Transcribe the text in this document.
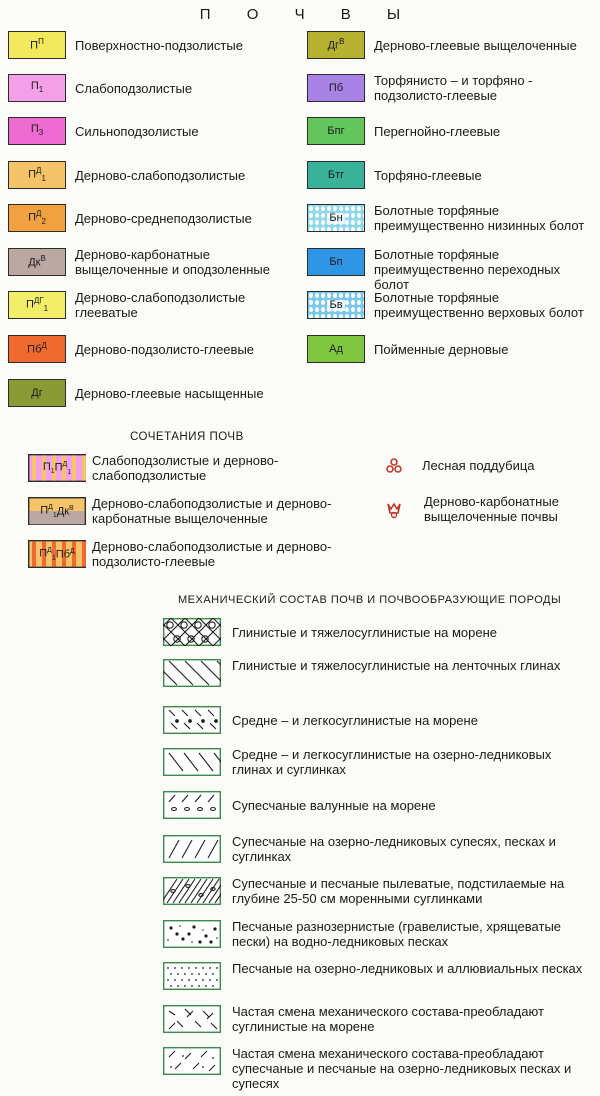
П О Ч В Ы
$П^П$ Поверхностно-подзолистые
$П_1$ Слабоподзолистые
$П_3$ Сильноподзолистые
$П^Д_1$ Дерново-слабоподзолистые
$П^Д_2$ Дерново-среднеподзолистые
$Дк^В$ Дерново-карбонатные выщелоченные и оподзоленные
$П^{ДГ}_1$
Дерново-слабоподзолистые глееватые
$Пб^Д$ Дерново-подзолисто-глеевые
Дг Дерново-глеевые насыщенные
$Дг^В$ Дерново-глеевые выщелоченные
Пб Торфянисто – и торфяно - подзолисто-глеевые
Бпг Перегнойно-глеевые
Бтг Торфяно-глеевые
Бн Болотные торфяные преимущественно низинных болот
Бп Болотные торфяные преимущественно переходных болот
Бв Болотные торфяные преимущественно верховых болот
Ад Пойменные дерновые
СОЧЕТАНИЯ ПОЧВ
$П_1$ $П^Д_1$
Слабоподзолистые и дерново-слабоподзолистые
$П^Д_1$ $Дк^В$ Дерново-слабоподзолистые и дерново-карбонатные выщелоченные
$П^Д_1$ $Пб^Д$ Дерново-слабоподзолистые и дерново-подзолисто-глеевые
Лесная поддубица
Дерново-карбонатные выщелоченные почвы
МЕХАНИЧЕСКИЙ СОСТАВ ПОЧВ И ПОЧВООБРАЗУЮЩИЕ ПОРОДЫ
Глинистые и тяжелосуглинистые на морене
Глинистые и тяжелосуглинистые на ленточных глинах
Средне – и легкосуглинистые на морене
Средне – и легкосуглинистые на озерно-ледниковых глинах и суглинках
Супесчаные валунные на морене
Супесчаные на озерно-ледниковых супесях, песках и суглинках
Супесчаные и песчаные пылеватые, подстилаемые на глубине 25-50 см моренными суглинками
Песчаные разнозернистые (гравелистые, хрящеватые пески) на водно-ледниковых песках
Песчаные на озерно-ледниковых и аллювиальных песках
Частая смена механического состава-преобладают суглинистые на морене
Частая смена механического состава-преобладают супесчаные и песчаные на озерно-ледниковых песках и супесях
